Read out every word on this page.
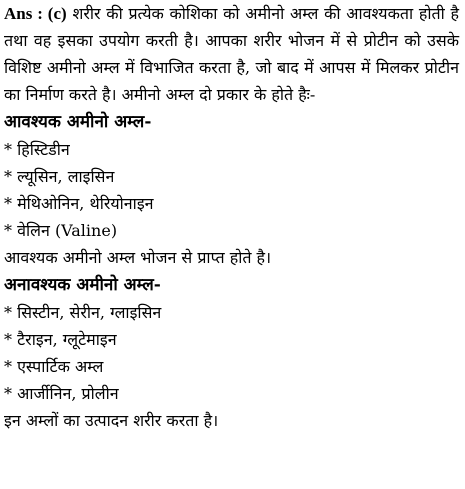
Ans : (c) शरीर की प्रत्येक कोशिका को अमीनो अम्ल की आवश्यकता होती है तथा वह इसका उपयोग करती है। आपका शरीर भोजन में से प्रोटीन को उसके विशिष्ट अमीनो अम्ल में विभाजित करता है, जो बाद में आपस में मिलकर प्रोटीन का निर्माण करते है। अमीनो अम्ल दो प्रकार के होते हैः-

आवश्यक अमीनो अम्ल-

* हिस्टिडीन

* ल्यूसिन, लाइसिन

* मेथिओनिन, थेरियोनाइन

* वेलिन (Valine)

आवश्यक अमीनो अम्ल भोजन से प्राप्त होते है।

अनावश्यक अमीनो अम्ल-

* सिस्टीन, सेरीन, ग्लाइसिन

* टैराइन, ग्लूटेमाइन

* एस्पार्टिक अम्ल

* आर्जीनिन, प्रोलीन

इन अम्लों का उत्पादन शरीर करता है।
